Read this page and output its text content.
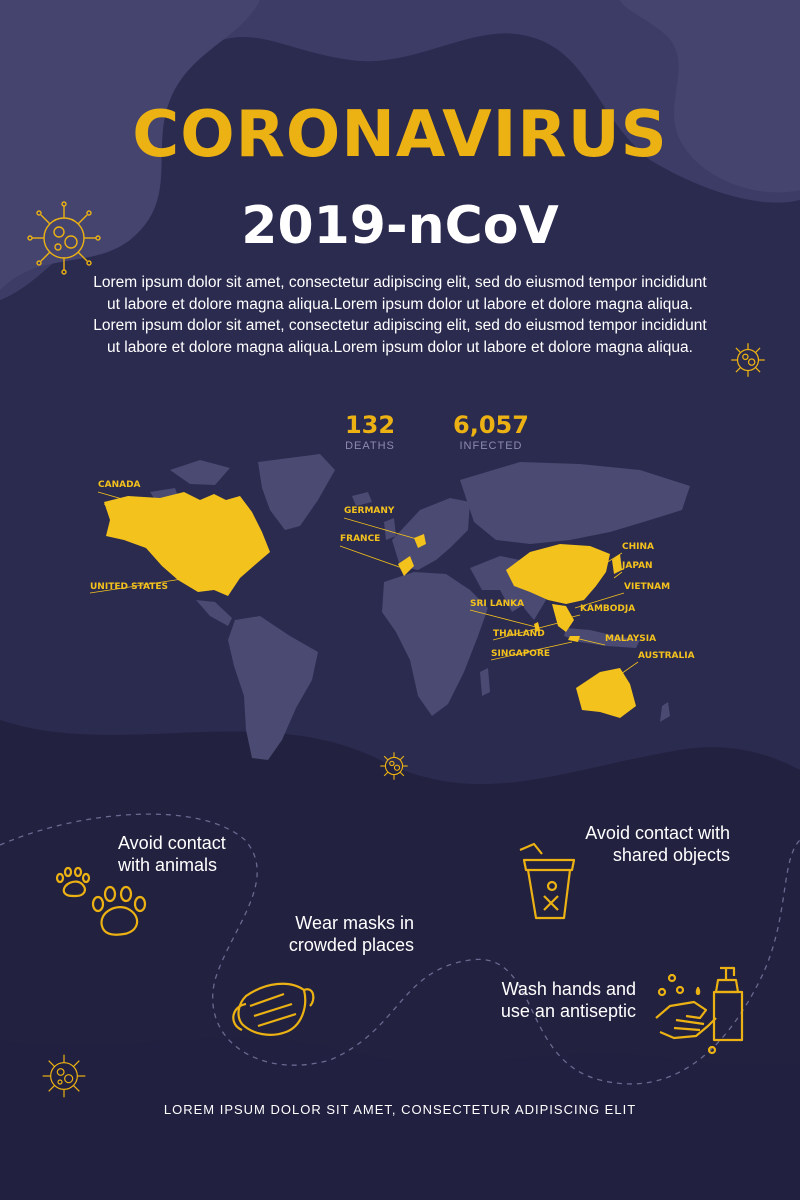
CORONAVIRUS
2019-nCoV

Lorem ipsum dolor sit amet, consectetur adipiscing elit, sed do eiusmod tempor incididunt ut labore et dolore magna aliqua.Lorem ipsum dolor ut labore et dolore magna aliqua. Lorem ipsum dolor sit amet, consectetur adipiscing elit, sed do eiusmod tempor incididunt ut labore et dolore magna aliqua.Lorem ipsum dolor ut labore et dolore magna aliqua.

132
DEATHS
6,057
INFECTED
CANADA
UNITED STATES
GERMANY
FRANCE
CHINA
JAPAN
VIETNAM
SRI LANKA	KAMBODJA
THAILAND	MALAYSIA
SINGAPORE	AUSTRALIA
Avoid contact
with animals
Avoid contact with
shared objects
Wear masks in
crowded places
Wash hands and
use an antiseptic
LOREM IPSUM DOLOR SIT AMET, CONSECTETUR ADIPISCING ELIT
